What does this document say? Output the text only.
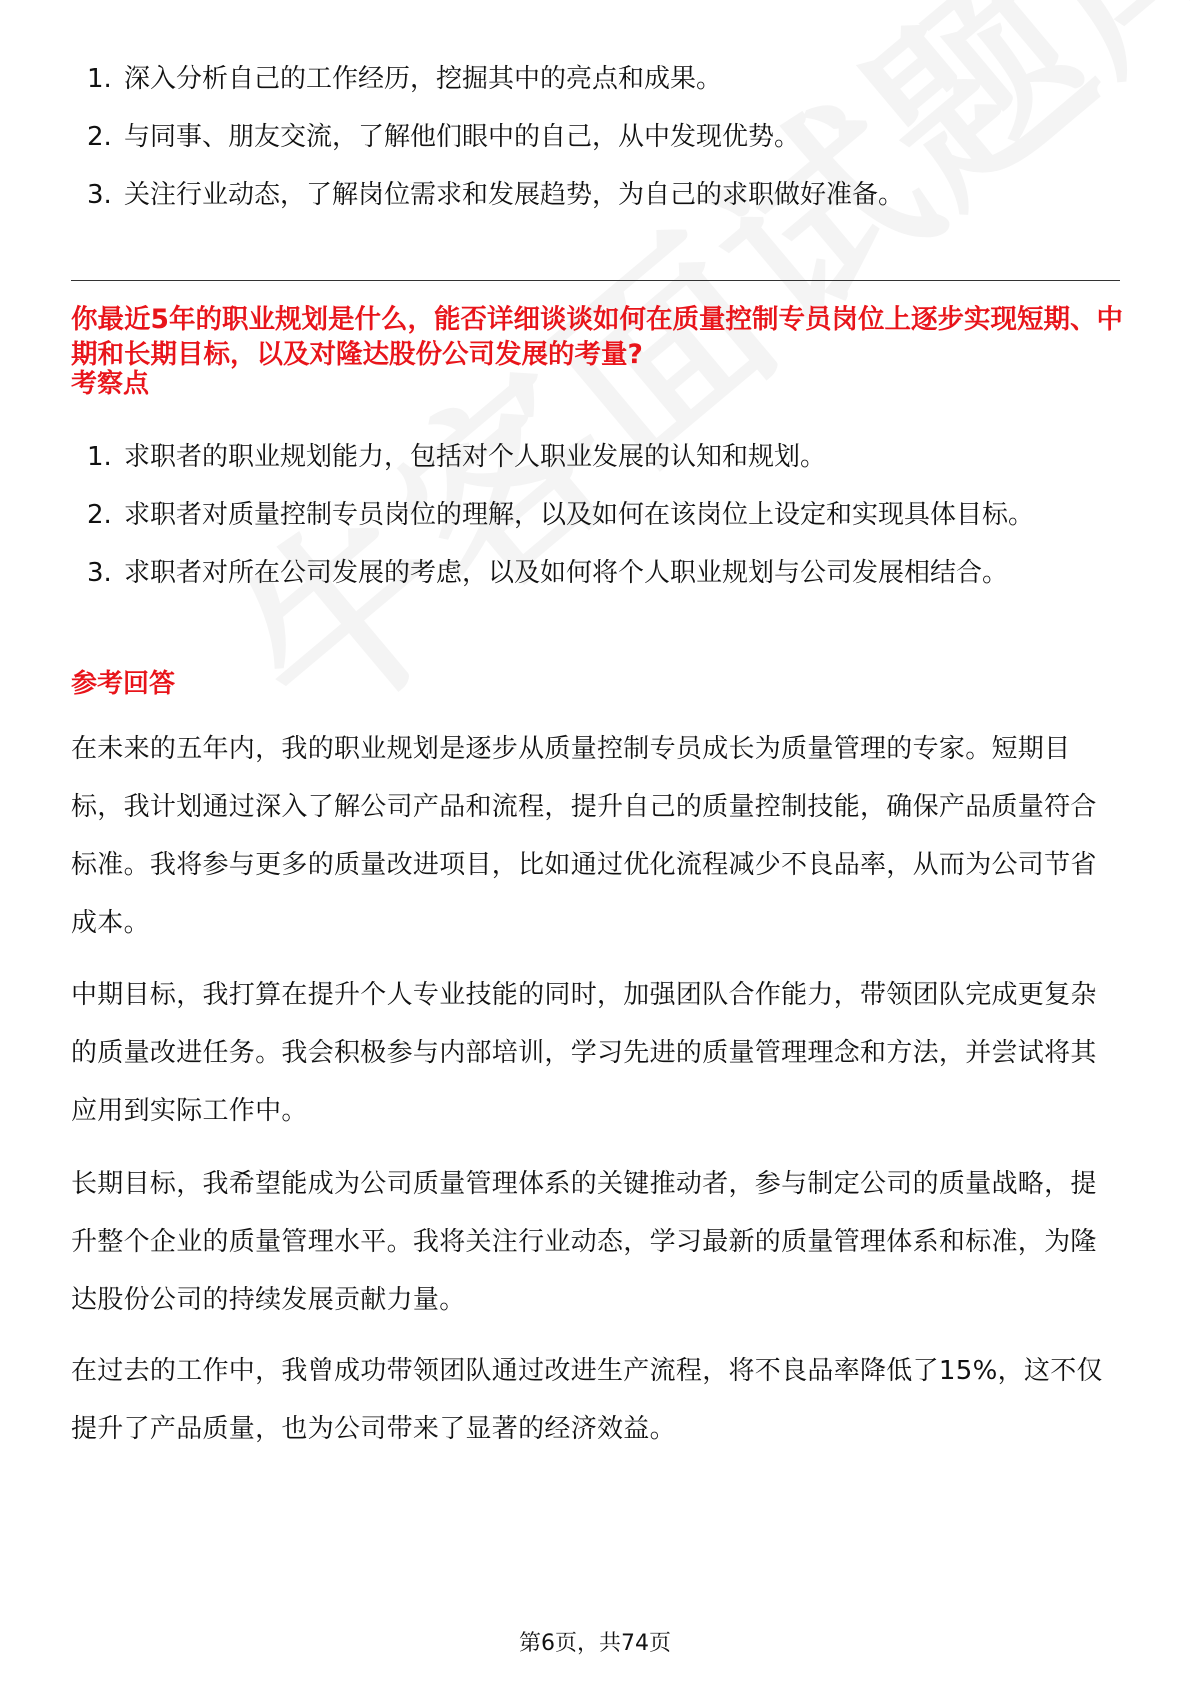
1. 深入分析自己的工作经历，挖掘其中的亮点和成果。
2. 与同事、朋友交流，了解他们眼中的自己，从中发现优势。
3. 关注行业动态，了解岗位需求和发展趋势，为自己的求职做好准备。

你最近5年的职业规划是什么，能否详细谈谈如何在质量控制专员岗位上逐步实现短期、中期和长期目标，以及对隆达股份公司发展的考量?

考察点

1. 求职者的职业规划能力，包括对个人职业发展的认知和规划。
2. 求职者对质量控制专员岗位的理解，以及如何在该岗位上设定和实现具体目标。
3. 求职者对所在公司发展的考虑，以及如何将个人职业规划与公司发展相结合。

参考回答

在未来的五年内，我的职业规划是逐步从质量控制专员成长为质量管理的专家。短期目标，我计划通过深入了解公司产品和流程，提升自己的质量控制技能，确保产品质量符合标准。我将参与更多的质量改进项目，比如通过优化流程减少不良品率，从而为公司节省成本。

中期目标，我打算在提升个人专业技能的同时，加强团队合作能力，带领团队完成更复杂的质量改进任务。我会积极参与内部培训，学习先进的质量管理理念和方法，并尝试将其应用到实际工作中。

长期目标，我希望能成为公司质量管理体系的关键推动者，参与制定公司的质量战略，提升整个企业的质量管理水平。我将关注行业动态，学习最新的质量管理体系和标准，为隆达股份公司的持续发展贡献力量。

在过去的工作中，我曾成功带领团队通过改进生产流程，将不良品率降低了15%，这不仅提升了产品质量，也为公司带来了显著的经济效益。

第6页，共74页
